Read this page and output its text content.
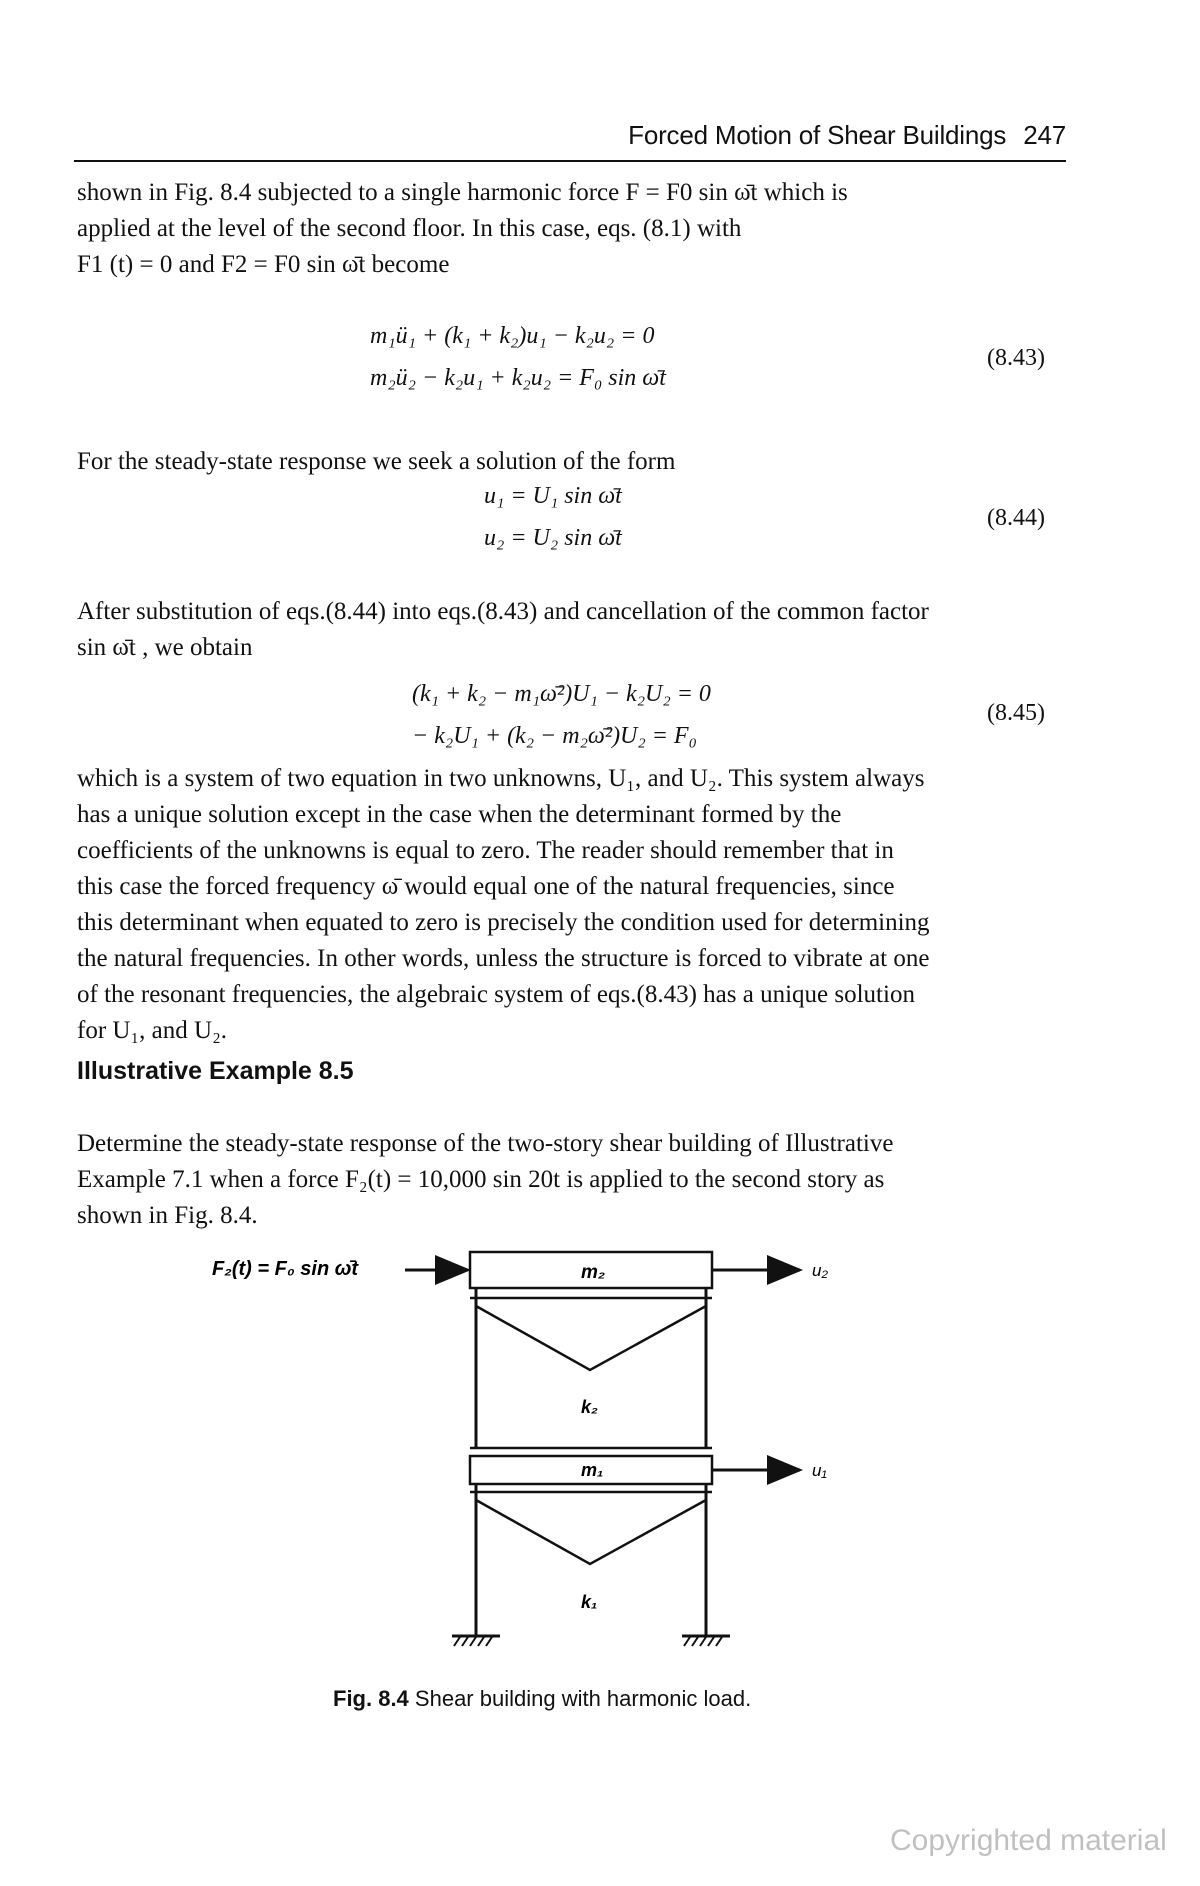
Forced Motion of Shear Buildings 247
shown in Fig. 8.4 subjected to a single harmonic force F = F0 sin ω̄t which is
applied at the level of the second floor. In this case, eqs. (8.1) with
F1 (t) = 0 and F2 = F0 sin ω̄t become
m₁ü₁ + (k₁ + k₂)u₁ − k₂u₂ = 0
m₂ü₂ − k₂u₁ + k₂u₂ = F₀ sin ω̄t
(8.43)
For the steady-state response we seek a solution of the form
u₁ = U₁ sin ω̄t
u₂ = U₂ sin ω̄t
(8.44)
After substitution of eqs.(8.44) into eqs.(8.43) and cancellation of the common factor
sin ω̄t , we obtain
(k₁ + k₂ − m₁ω̄²)U₁ − k₂U₂ = 0
− k₂U₁ + (k₂ − m₂ω̄²)U₂ = F₀
(8.45)
which is a system of two equation in two unknowns, U₁, and U₂. This system always
has a unique solution except in the case when the determinant formed by the
coefficients of the unknowns is equal to zero. The reader should remember that in
this case the forced frequency ω̄ would equal one of the natural frequencies, since
this determinant when equated to zero is precisely the condition used for determining
the natural frequencies. In other words, unless the structure is forced to vibrate at one
of the resonant frequencies, the algebraic system of eqs.(8.43) has a unique solution
for U₁, and U₂.
Illustrative Example 8.5
Determine the steady-state response of the two-story shear building of Illustrative
Example 7.1 when a force F₂(t) = 10,000 sin 20t is applied to the second story as
shown in Fig. 8.4.
F₂(t) = F₀ sin ω̄t	m₂	u₂
k₂
m₁	u₁
k₁
Fig. 8.4 Shear building with harmonic load.
Copyrighted material
